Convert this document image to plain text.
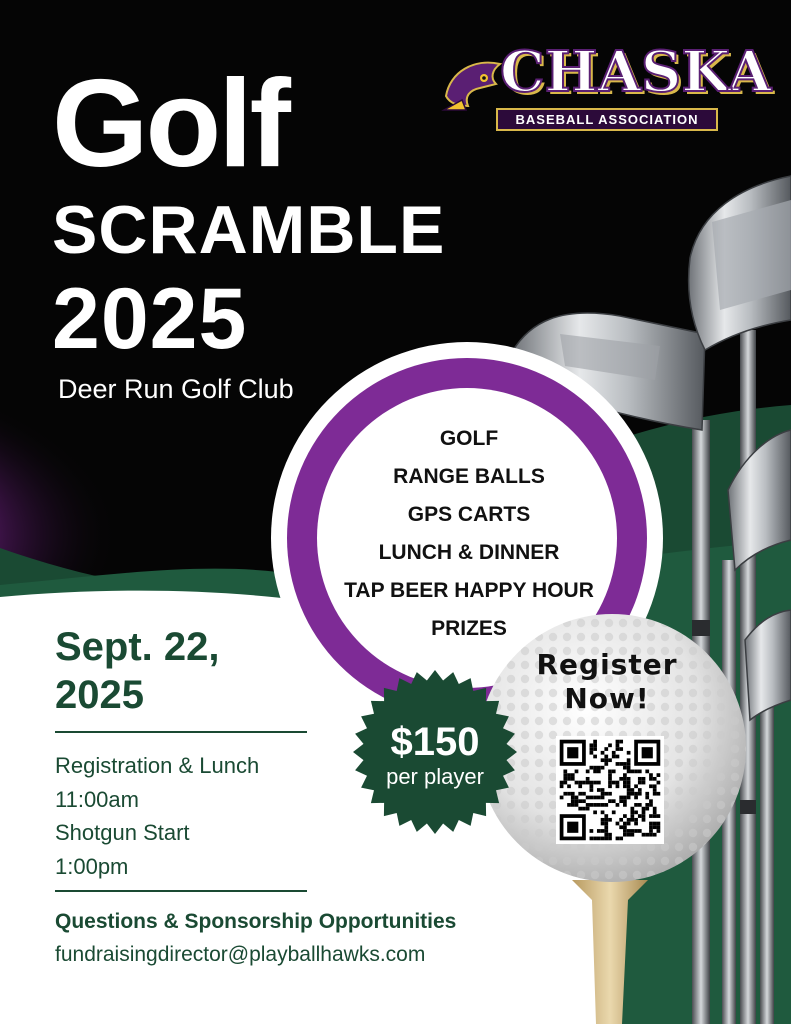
Golf
SCRAMBLE
2025
Deer Run Golf Club
CHASKA
BASEBALL ASSOCIATION
GOLF
RANGE BALLS
GPS CARTS
LUNCH & DINNER
TAP BEER HAPPY HOUR
PRIZES
Sept. 22,
2025
Registration & Lunch
11:00am
Shotgun Start
1:00pm
Questions & Sponsorship Opportunities
fundraisingdirector@playballhawks.com
$150
per player
Register
Now!
